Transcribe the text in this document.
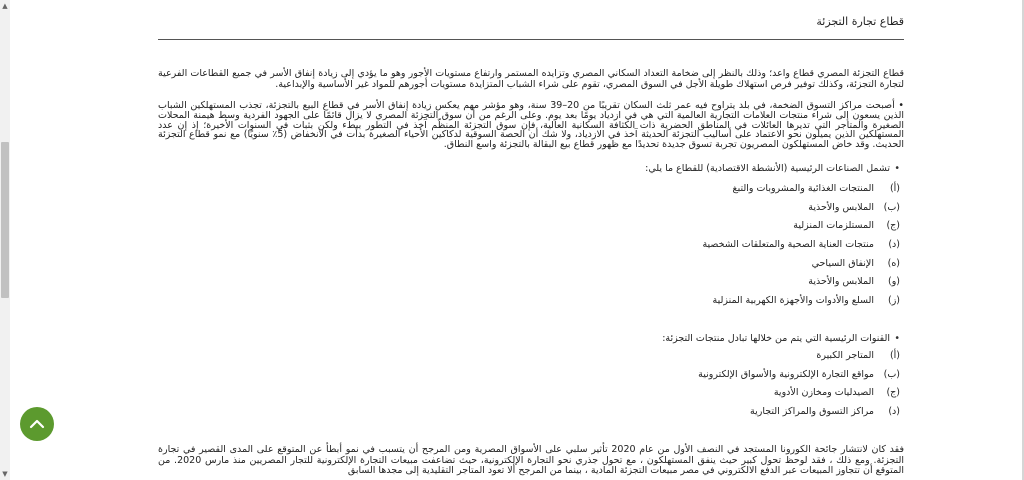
▲
▼
قطاع تجارة التجزئة

قطاع التجزئة المصري قطاع واعد؛ وذلك بالنظر إلى ضخامة التعداد السكاني المصري وتزايده المستمر وارتفاع مستويات الأجور وهو ما يؤدي إلى زيادة إنفاق الأسر في جميع القطاعات الفرعية لتجارة التجزئة، وكذلك توفير فرص استهلاك طويلة الأجل في السوق المصري، تقوم على شراء الشباب المتزايدة مستويات أجورهم للمواد غير الأساسية والإبداعية.

• أصبحت مراكز التسوق الضخمة، في بلد يتراوح فيه عمر ثلث السكان تقريبًا من 20–39 سنة، وهو مؤشر مهم يعكس زيادة إنفاق الأسر في قطاع البيع بالتجزئة، تجذب المستهلكين الشباب الذين يسعون إلى شراء منتجات العلامات التجارية العالمية التي هي في ازدياد يومًا بعد يوم. وعلى الرغم من أن سوق التجزئة المصري لا يزال قائمًا على الجهود الفردية وسط هيمنة المحلات الصغيرة والمتاجر التي تديرها العائلات في المناطق الحضرية ذات الكثافة السكانية العالية، فإن سوق التجزئة المنظّم آخذ في التطور ببطء ولكن بثبات في السنوات الأخيرة؛ إذ إن عدد المستهلكين الذين يميلون نحو الاعتماد على أساليب التجزئة الحديثة آخذ في الازدياد، ولا شك أن الحصة السوقية لدكاكين الأحياء الصغيرة بدأت في الانخفاض (5٪ سنويًا) مع نمو قطاع التجزئة الحديث. وقد خاض المستهلكون المصريون تجربة تسوق جديدة تحديدًا مع ظهور قطاع بيع البقالة بالتجزئة واسع النطاق.

•تشمل الصناعات الرئيسية (الأنشطة الاقتصادية) للقطاع ما يلي:

(أ)المنتجات الغذائية والمشروبات والتبغ
(ب)الملابس والأحذية
(ج)المستلزمات المنزلية
(د)منتجات العناية الصحية والمتعلقات الشخصية
(ه)الإنفاق السياحي
(و)الملابس والأحذية
(ز)السلع والأدوات والأجهزة الكهربية المنزلية

•القنوات الرئيسية التي يتم من خلالها تبادل منتجات التجزئة:

(أ)المتاجر الكبيرة
(ب)مواقع التجارة الإلكترونية والأسواق الإلكترونية
(ج)الصيدليات ومخازن الأدوية
(د)مراكز التسوق والمراكز التجارية

فقد كان لانتشار جائحة الكورونا المستجد في النصف الأول من عام 2020 تأثير سلبي على الأسواق المصرية ومن المرجح أن يتسبب في نمو أبطأ عن المتوقع على المدى القصير في تجارة التجزئة. ومع ذلك ، فقد لوحظ تحول كبير حيث ينفق المستهلكون ، مع تحول جذري نحو التجارة الإلكترونية، حيث تضاعفت مبيعات التجارة الإلكترونية للتجار المصريين منذ مارس 2020. من المتوقع أن تتجاوز المبيعات عبر الدفع الالكتروني في مصر مبيعات التجزئة المادية ، بينما من المرجح ألا تعود المتاجر التقليدية إلى مجدها السابق
